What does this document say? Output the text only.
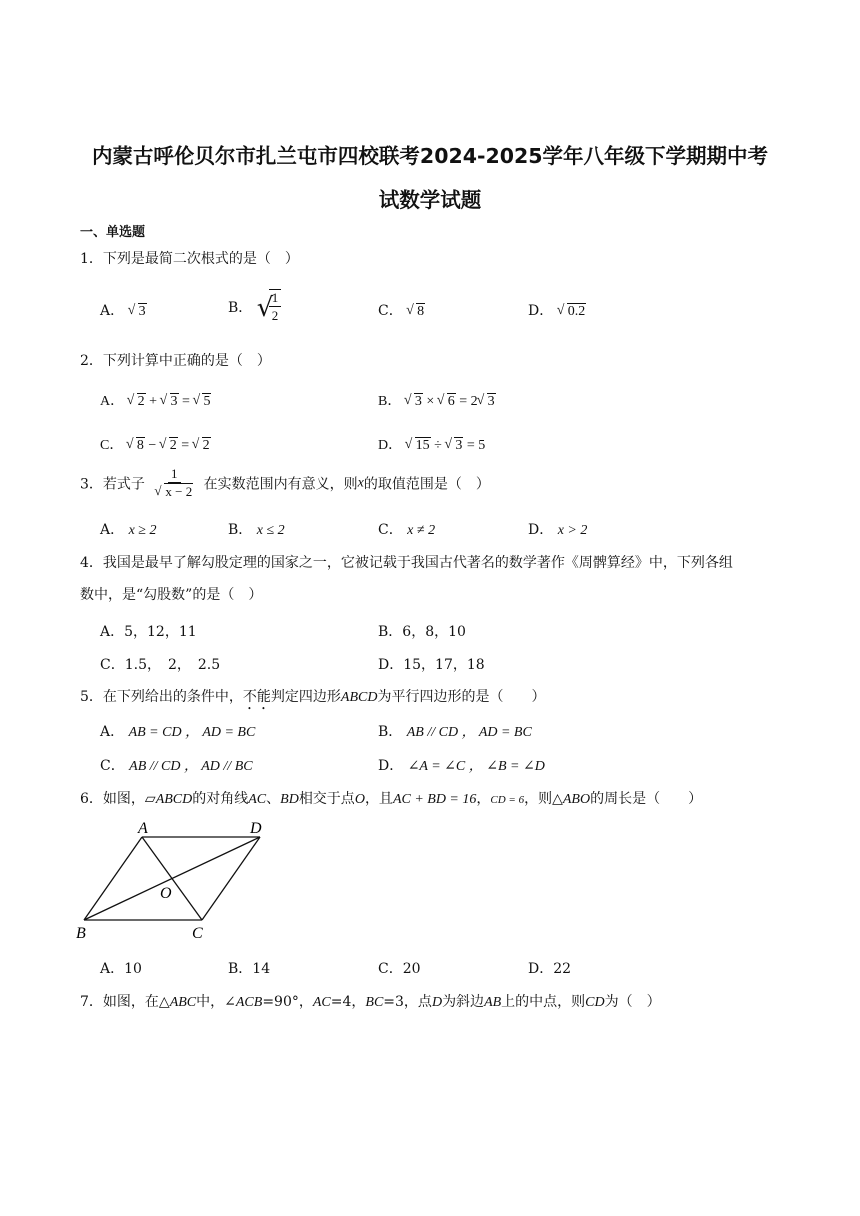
内蒙古呼伦贝尔市扎兰屯市四校联考2024-2025学年八年级下学期期中考
试数学试题
一、单选题
1．下列是最简二次根式的是（　）
A． √ 3	B． √
$\frac{1}{2}$	C． √ 8	D． √ 0.2
2．下列计算中正确的是（　）
A． √ 2 + √ 3 = √ 5	B． √ 3 × √ 6 = 2 √ 3
C． √ 8 − √ 2 = √ 2	D． √ 15 ÷ √ 3 = 5
3．若式子 1
√ x − 2 在实数范围内有意义，则x的取值范围是（　）
A． x ≥ 2	B． x ≤ 2	C． x ≠ 2	D． x > 2
4．我国是最早了解勾股定理的国家之一，它被记载于我国古代著名的数学著作《周髀算经》中，下列各组
数中，是“勾股数”的是（　）
A．5，12，11	B．6，8，10
C．1.5，　2，　2.5	D．15，17，18
5．在下列给出的条件中，不能判定四边形ABCD为平行四边形的是（　　）
A． AB = CD ， AD = BC	B． AB // CD ， AD = BC
C． AB // CD ， AD // BC	D． ∠A = ∠C ， ∠B = ∠D
6．如图，▱ABCD的对角线AC、BD相交于点O，且AC + BD = 16，CD = 6，则△ABO的周长是（　　）
A	D
B	C
O
A．10	B．14	C．20	D．22
7．如图，在△ABC中，∠ACB=90°，AC=4，BC=3，点D为斜边AB上的中点，则CD为（　）
